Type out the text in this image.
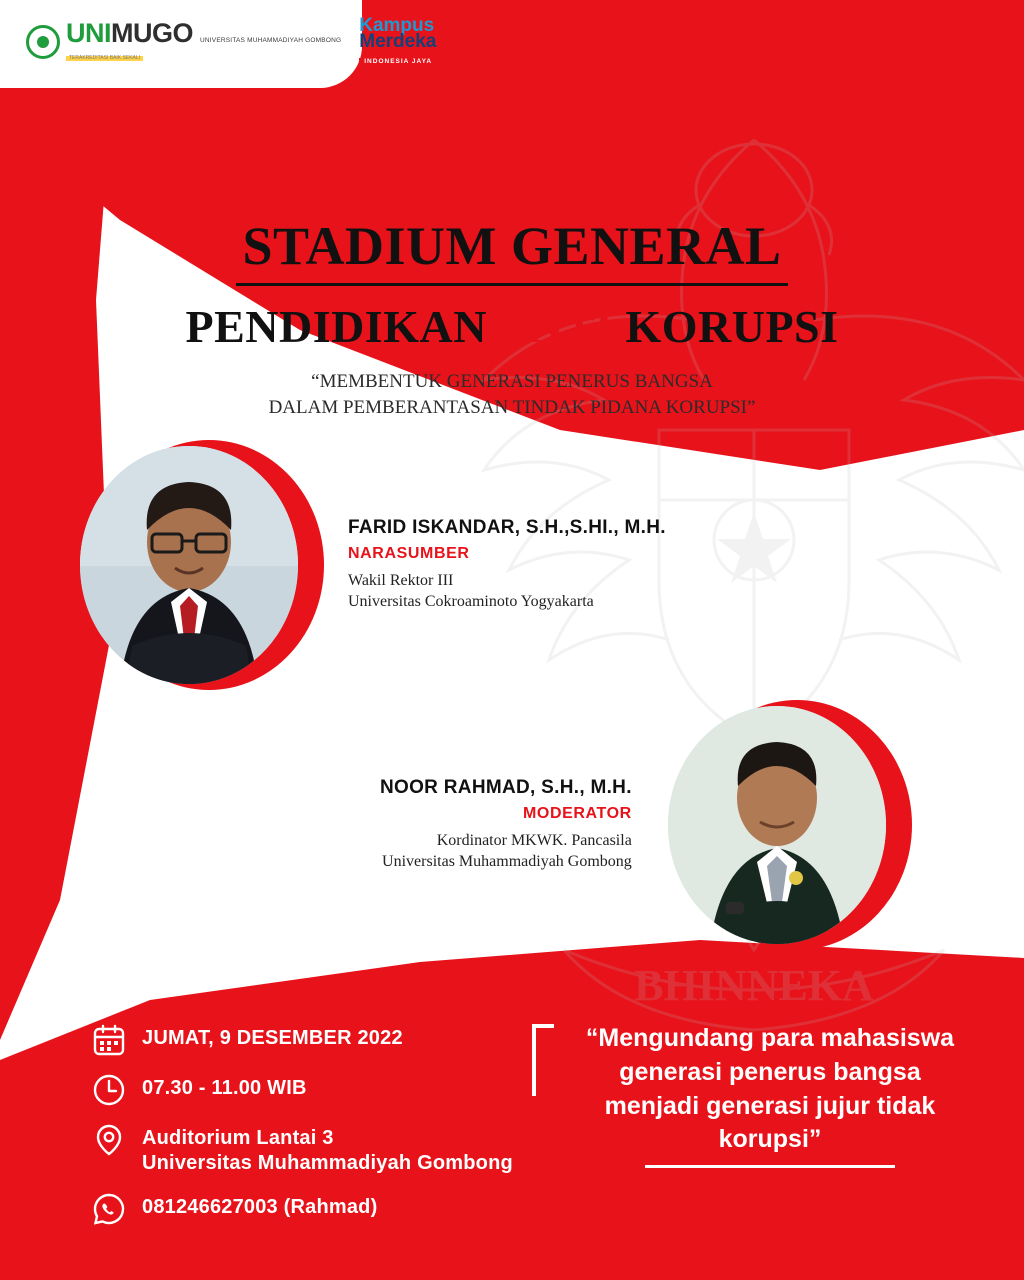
UNIMUGO UNIVERSITAS MUHAMMADIYAH GOMBONG
TERAKREDITASI BAIK SEKALI
Kampus
Merdeka
INDONESIA JAYA
STADIUM GENERAL
PENDIDIKAN ANTI KORUPSI
“MEMBENTUK GENERASI PENERUS BANGSA
DALAM PEMBERANTASAN TINDAK PIDANA KORUPSI”
FARID ISKANDAR, S.H.,S.HI., M.H.
NARASUMBER
Wakil Rektor III
Universitas Cokroaminoto Yogyakarta
NOOR RAHMAD, S.H., M.H.
MODERATOR
Kordinator MKWK. Pancasila
Universitas Muhammadiyah Gombong
JUMAT, 9 DESEMBER 2022
07.30 - 11.00 WIB
Auditorium Lantai 3
Universitas Muhammadiyah Gombong
081246627003 (Rahmad)
“Mengundang para mahasiswa
generasi penerus bangsa
menjadi generasi jujur tidak korupsi”
